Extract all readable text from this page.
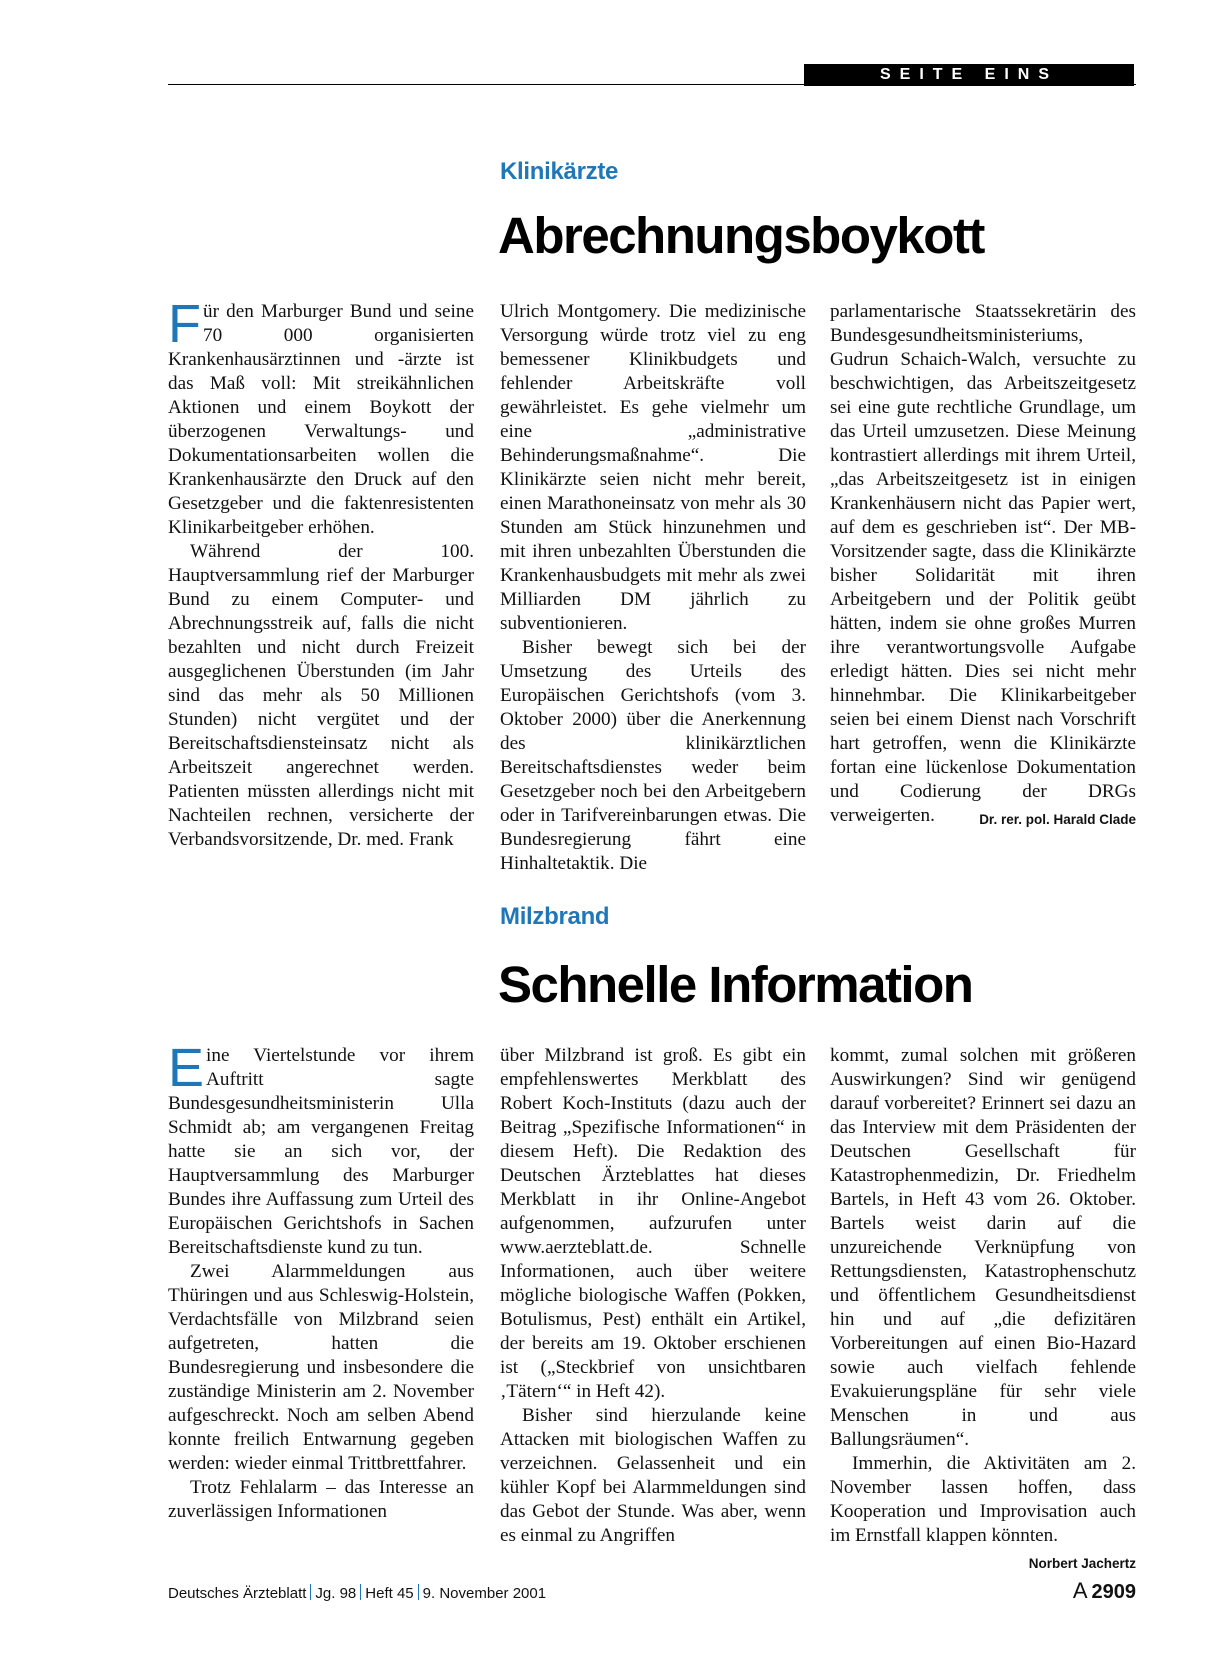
SEITE EINS
Klinikärzte
Abrechnungsboykott
F ür den Marburger Bund und seine 70 000 organisierten Krankenhausärztinnen und -ärzte ist das Maß voll: Mit streikähnlichen Aktionen und einem Boykott der überzogenen Verwaltungs- und Dokumentationsarbeiten wollen die Krankenhausärzte den Druck auf den Gesetzgeber und die faktenresistenten Klinikarbeitgeber erhöhen.

Während der 100. Hauptversammlung rief der Marburger Bund zu einem Computer- und Abrechnungsstreik auf, falls die nicht bezahlten und nicht durch Freizeit ausgeglichenen Überstunden (im Jahr sind das mehr als 50 Millionen Stunden) nicht vergütet und der Bereitschaftsdiensteinsatz nicht als Arbeitszeit angerechnet werden. Patienten müssten allerdings nicht mit Nachteilen rechnen, versicherte der Verbandsvorsitzende, Dr. med. Frank

Ulrich Montgomery. Die medizinische Versorgung würde trotz viel zu eng bemessener Klinikbudgets und fehlender Arbeitskräfte voll gewährleistet. Es gehe vielmehr um eine „administrative Behinderungsmaßnahme“. Die Klinikärzte seien nicht mehr bereit, einen Marathoneinsatz von mehr als 30 Stunden am Stück hinzunehmen und mit ihren unbezahlten Überstunden die Krankenhausbudgets mit mehr als zwei Milliarden DM jährlich zu subventionieren.

Bisher bewegt sich bei der Umsetzung des Urteils des Europäischen Gerichtshofs (vom 3. Oktober 2000) über die Anerkennung des klinikärztlichen Bereitschaftsdienstes weder beim Gesetzgeber noch bei den Arbeitgebern oder in Tarifvereinbarungen etwas. Die Bundesregierung fährt eine Hinhaltetaktik. Die

parlamentarische Staatssekretärin des Bundesgesundheitsministeriums, Gudrun Schaich-Walch, versuchte zu beschwichtigen, das Arbeitszeitgesetz sei eine gute rechtliche Grundlage, um das Urteil umzusetzen. Diese Meinung kontrastiert allerdings mit ihrem Urteil, „das Arbeitszeitgesetz ist in einigen Krankenhäusern nicht das Papier wert, auf dem es geschrieben ist“. Der MB-Vorsitzender sagte, dass die Klinikärzte bisher Solidarität mit ihren Arbeitgebern und der Politik geübt hätten, indem sie ohne großes Murren ihre verantwortungsvolle Aufgabe erledigt hätten. Dies sei nicht mehr hinnehmbar. Die Klinikarbeitgeber seien bei einem Dienst nach Vorschrift hart getroffen, wenn die Klinikärzte fortan eine lückenlose Dokumentation und Codierung der DRGs verweigerten.	Dr. rer. pol. Harald Clade

Milzbrand
Schnelle Information
E ine Viertelstunde vor ihrem Auftritt sagte Bundesgesundheitsministerin Ulla Schmidt ab; am vergangenen Freitag hatte sie an sich vor, der Hauptversammlung des Marburger Bundes ihre Auffassung zum Urteil des Europäischen Gerichtshofs in Sachen Bereitschaftsdienste kund zu tun.

Zwei Alarmmeldungen aus Thüringen und aus Schleswig-Holstein, Verdachtsfälle von Milzbrand seien aufgetreten, hatten die Bundesregierung und insbesondere die zuständige Ministerin am 2. November aufgeschreckt. Noch am selben Abend konnte freilich Entwarnung gegeben werden: wieder einmal Trittbrettfahrer.

Trotz Fehlalarm – das Interesse an zuverlässigen Informationen

über Milzbrand ist groß. Es gibt ein empfehlenswertes Merkblatt des Robert Koch-Instituts (dazu auch der Beitrag „Spezifische Informationen“ in diesem Heft). Die Redaktion des Deutschen Ärzteblattes hat dieses Merkblatt in ihr Online-Angebot aufgenommen, aufzurufen unter www.aerzteblatt.de. Schnelle Informationen, auch über weitere mögliche biologische Waffen (Pokken, Botulismus, Pest) enthält ein Artikel, der bereits am 19. Oktober erschienen ist („Steckbrief von unsichtbaren ‚Tätern‘“ in Heft 42).

Bisher sind hierzulande keine Attacken mit biologischen Waffen zu verzeichnen. Gelassenheit und ein kühler Kopf bei Alarmmeldungen sind das Gebot der Stunde. Was aber, wenn es einmal zu Angriffen

kommt, zumal solchen mit größeren Auswirkungen? Sind wir genügend darauf vorbereitet? Erinnert sei dazu an das Interview mit dem Präsidenten der Deutschen Gesellschaft für Katastrophenmedizin, Dr. Friedhelm Bartels, in Heft 43 vom 26. Oktober. Bartels weist darin auf die unzureichende Verknüpfung von Rettungsdiensten, Katastrophenschutz und öffentlichem Gesundheitsdienst hin und auf „die defizitären Vorbereitungen auf einen Bio-Hazard sowie auch vielfach fehlende Evakuierungspläne für sehr viele Menschen in und aus Ballungsräumen“.

Immerhin, die Aktivitäten am 2. November lassen hoffen, dass Kooperation und Improvisation auch im Ernstfall klappen könnten.
Norbert Jachertz

Deutsches Ärzteblatt Jg. 98 Heft 45 9. November 2001	A 2909
